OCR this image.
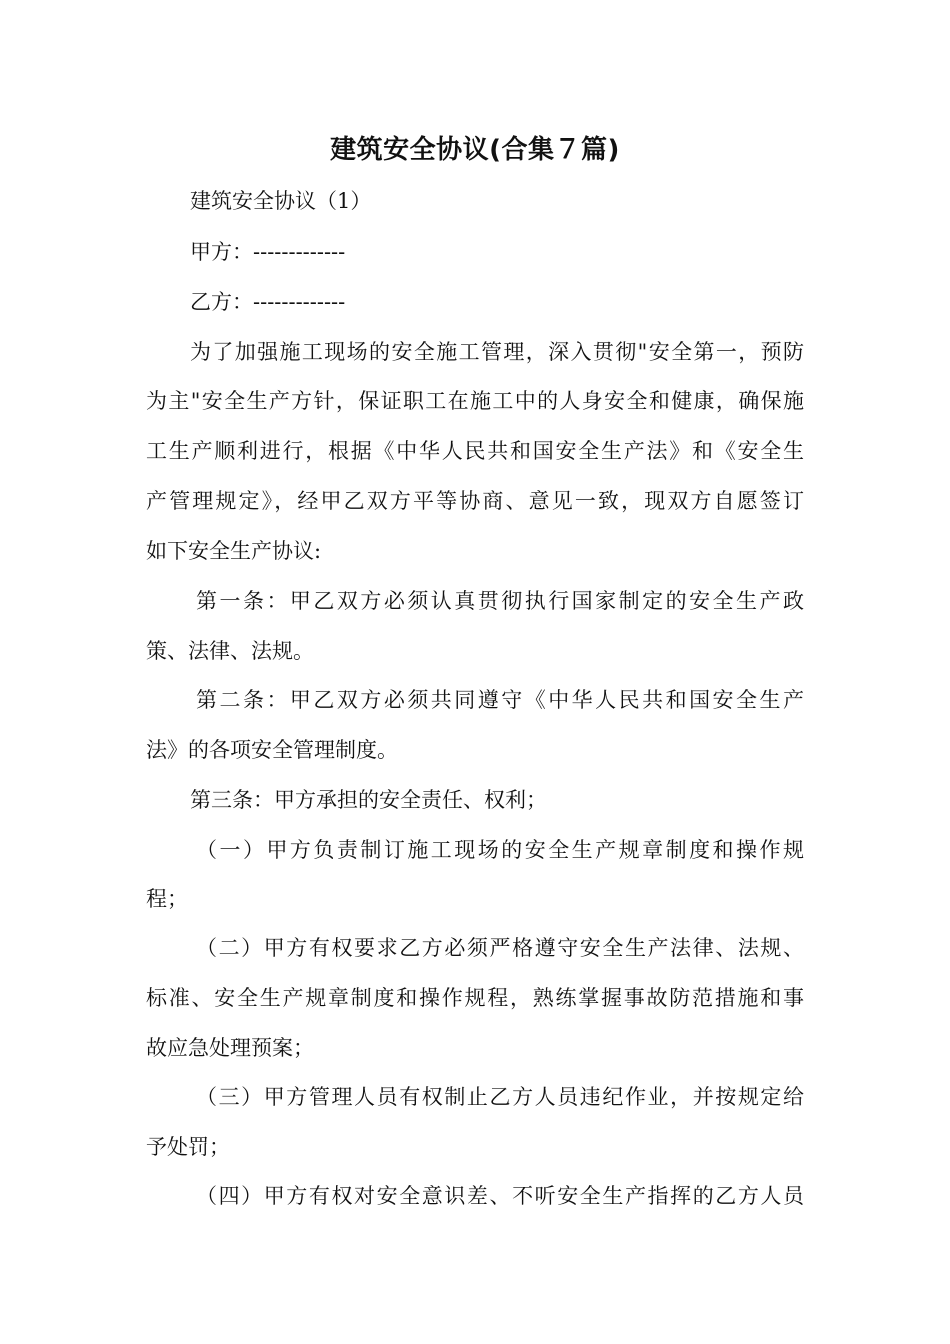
建筑安全协议(合集７篇)

建筑安全协议（1）

甲方：-------------

乙方：-------------

为了加强施工现场的安全施工管理，深入贯彻"安全第一，预防

为主"安全生产方针，保证职工在施工中的人身安全和健康，确保施

工生产顺利进行，根据《中华人民共和国安全生产法》和《安全生

产管理规定》，经甲乙双方平等协商、意见一致，现双方自愿签订

如下安全生产协议:

第一条：甲乙双方必须认真贯彻执行国家制定的安全生产政

策、法律、法规。

第二条：甲乙双方必须共同遵守《中华人民共和国安全生产

法》的各项安全管理制度。

第三条：甲方承担的安全责任、权利；

（一）甲方负责制订施工现场的安全生产规章制度和操作规

程；

（二）甲方有权要求乙方必须严格遵守安全生产法律、法规、

标准、安全生产规章制度和操作规程，熟练掌握事故防范措施和事

故应急处理预案；

（三）甲方管理人员有权制止乙方人员违纪作业，并按规定给

予处罚；

（四）甲方有权对安全意识差、不听安全生产指挥的乙方人员
